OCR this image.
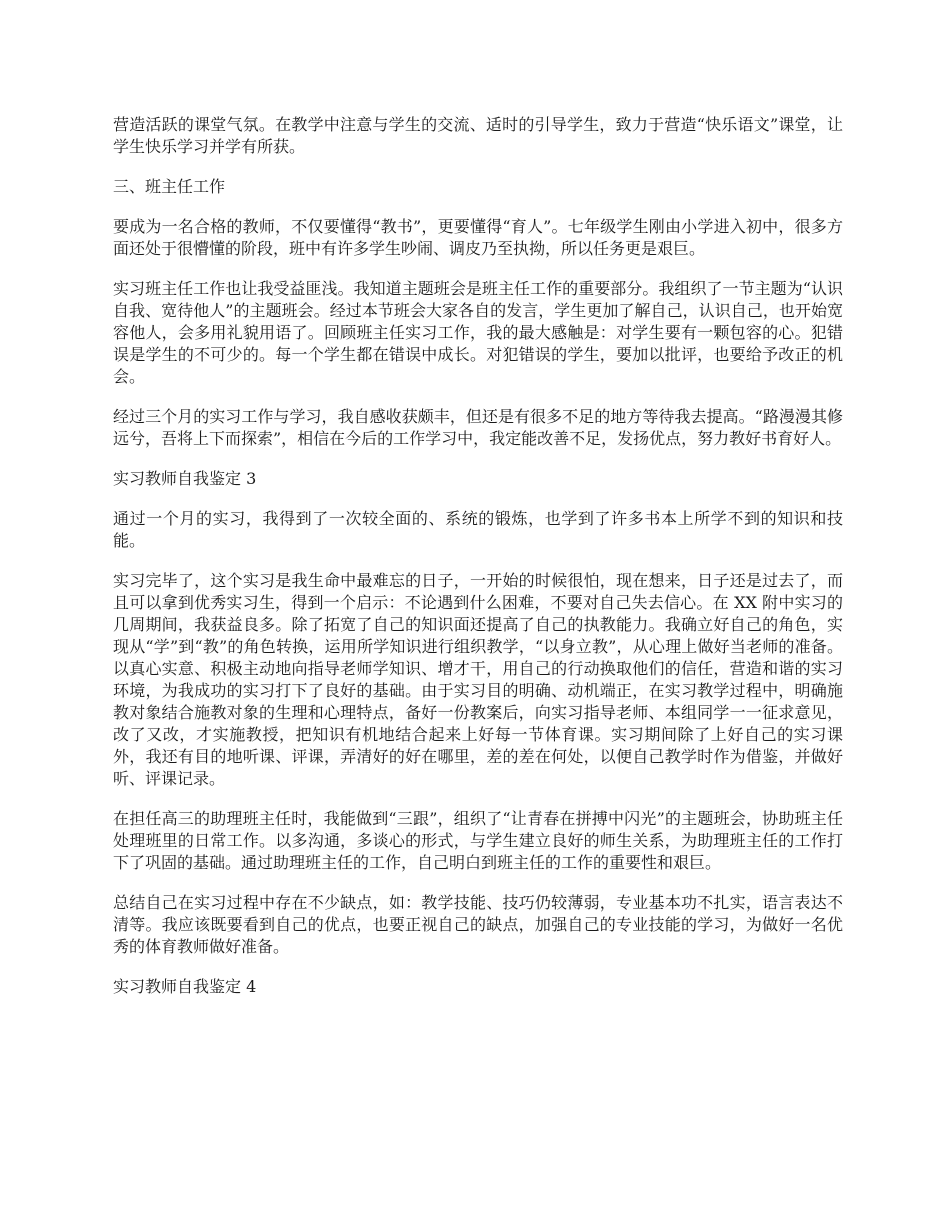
营造活跃的课堂气氛。在教学中注意与学生的交流、适时的引导学生，致力于营造“快乐语文”课堂，让学生快乐学习并学有所获。

三、班主任工作

要成为一名合格的教师，不仅要懂得“教书”，更要懂得“育人”。七年级学生刚由小学进入初中，很多方面还处于很懵懂的阶段，班中有许多学生吵闹、调皮乃至执拗，所以任务更是艰巨。

实习班主任工作也让我受益匪浅。我知道主题班会是班主任工作的重要部分。我组织了一节主题为“认识自我、宽待他人”的主题班会。经过本节班会大家各自的发言，学生更加了解自己，认识自己，也开始宽容他人，会多用礼貌用语了。回顾班主任实习工作，我的最大感触是：对学生要有一颗包容的心。犯错误是学生的不可少的。每一个学生都在错误中成长。对犯错误的学生，要加以批评，也要给予改正的机会。

经过三个月的实习工作与学习，我自感收获颇丰，但还是有很多不足的地方等待我去提高。“路漫漫其修远兮，吾将上下而探索”，相信在今后的工作学习中，我定能改善不足，发扬优点，努力教好书育好人。

实习教师自我鉴定 3

通过一个月的实习，我得到了一次较全面的、系统的锻炼，也学到了许多书本上所学不到的知识和技能。

实习完毕了，这个实习是我生命中最难忘的日子，一开始的时候很怕，现在想来，日子还是过去了，而且可以拿到优秀实习生，得到一个启示：不论遇到什么困难，不要对自己失去信心。在 XX 附中实习的几周期间，我获益良多。除了拓宽了自己的知识面还提高了自己的执教能力。我确立好自己的角色，实现从“学”到“教”的角色转换，运用所学知识进行组织教学，“以身立教”，从心理上做好当老师的准备。以真心实意、积极主动地向指导老师学知识、增才干，用自己的行动换取他们的信任，营造和谐的实习环境，为我成功的实习打下了良好的基础。由于实习目的明确、动机端正，在实习教学过程中，明确施教对象结合施教对象的生理和心理特点，备好一份教案后，向实习指导老师、本组同学一一征求意见，改了又改，才实施教授，把知识有机地结合起来上好每一节体育课。实习期间除了上好自己的实习课外，我还有目的地听课、评课，弄清好的好在哪里，差的差在何处，以便自己教学时作为借鉴，并做好听、评课记录。

在担任高三的助理班主任时，我能做到“三跟”，组织了“让青春在拼搏中闪光”的主题班会，协助班主任处理班里的日常工作。以多沟通，多谈心的形式，与学生建立良好的师生关系，为助理班主任的工作打下了巩固的基础。通过助理班主任的工作，自己明白到班主任的工作的重要性和艰巨。

总结自己在实习过程中存在不少缺点，如：教学技能、技巧仍较薄弱，专业基本功不扎实，语言表达不清等。我应该既要看到自己的优点，也要正视自己的缺点，加强自己的专业技能的学习，为做好一名优秀的体育教师做好准备。

实习教师自我鉴定 4
